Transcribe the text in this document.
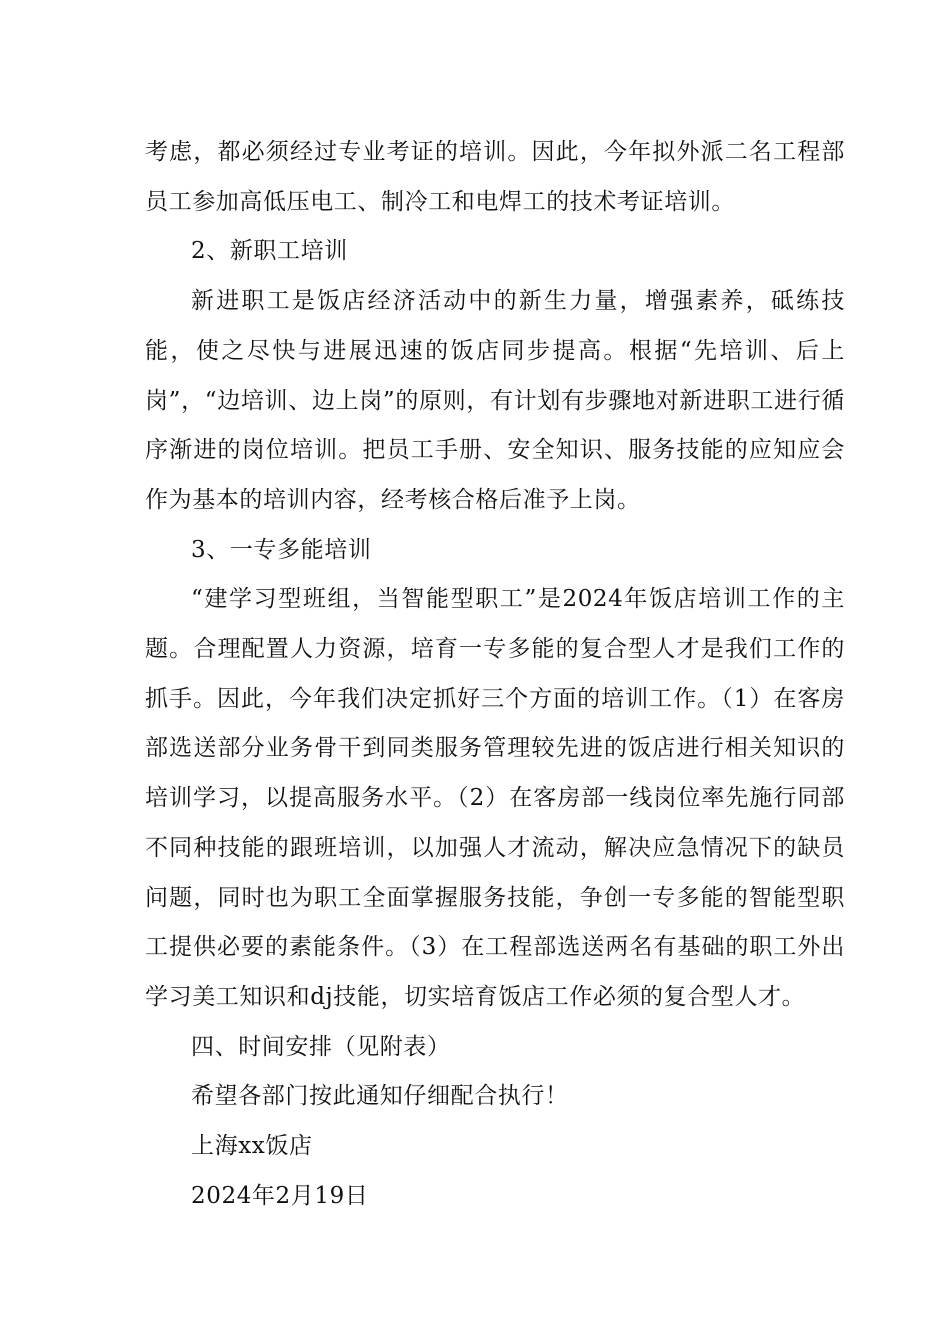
考虑，都必须经过专业考证的培训。因此，今年拟外派二名工程部员工参加高低压电工、制冷工和电焊工的技术考证培训。

2、新职工培训

新进职工是饭店经济活动中的新生力量，增强素养，砥练技能，使之尽快与进展迅速的饭店同步提高。根据“先培训、后上岗”，“边培训、边上岗”的原则，有计划有步骤地对新进职工进行循序渐进的岗位培训。把员工手册、安全知识、服务技能的应知应会作为基本的培训内容，经考核合格后准予上岗。

3、一专多能培训

“建学习型班组，当智能型职工”是2024年饭店培训工作的主题。合理配置人力资源，培育一专多能的复合型人才是我们工作的抓手。因此，今年我们决定抓好三个方面的培训工作。（1）在客房部选送部分业务骨干到同类服务管理较先进的饭店进行相关知识的培训学习，以提高服务水平。（2）在客房部一线岗位率先施行同部不同种技能的跟班培训，以加强人才流动，解决应急情况下的缺员问题，同时也为职工全面掌握服务技能，争创一专多能的智能型职工提供必要的素能条件。（3）在工程部选送两名有基础的职工外出学习美工知识和dj技能，切实培育饭店工作必须的复合型人才。

四、时间安排（见附表）

希望各部门按此通知仔细配合执行！

上海xx饭店

2024年2月19日
